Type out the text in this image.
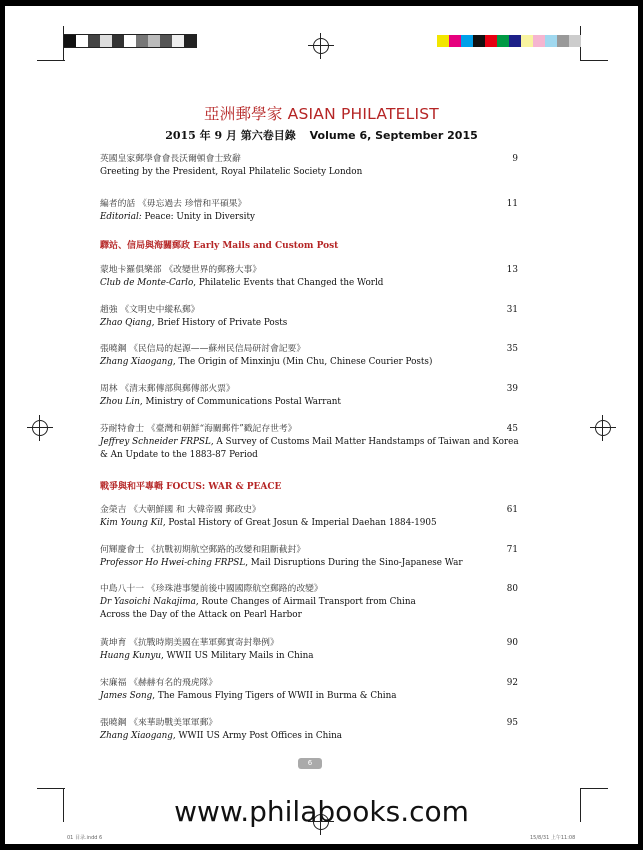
亞洲郵學家 ASIAN PHILATELIST
2015 年 9 月 第六卷目錄 Volume 6, September 2015
英國皇家郵學會會長沃爾頓會士致辭
Greeting by the President, Royal Philatelic Society London
9
編者的話 《毋忘過去 珍惜和平碩果》
Editorial: Peace: Unity in Diversity
11
驛站、信局與海關郵政 Early Mails and Custom Post
蒙地卡羅俱樂部 《改變世界的郵務大事》
Club de Monte-Carlo, Philatelic Events that Changed the World
13
趙強 《文明史中縱私郵》
Zhao Qiang, Brief History of Private Posts
31
張曉鋼 《民信局的起源——蘇州民信局研討會記要》
Zhang Xiaogang, The Origin of Minxinju (Min Chu, Chinese Courier Posts)
35
周林 《清末郵傳部與郵傳部火票》
Zhou Lin, Ministry of Communications Postal Warrant
39
芬耐特會士 《臺灣和朝鮮“海關郵件”戳記存世考》
Jeffrey Schneider FRPSL, A Survey of Customs Mail Matter Handstamps of Taiwan and Korea
& An Update to the 1883-87 Period
45
戰爭與和平專輯 FOCUS: WAR & PEACE
金榮吉 《大朝鮮國 和 大韓帝國 郵政史》
Kim Young Kil, Postal History of Great Josun & Imperial Daehan 1884-1905
61
何輝慶會士 《抗戰初期航空郵路的改變和阻斷截封》
Professor Ho Hwei-ching FRPSL, Mail Disruptions During the Sino-Japanese War
71
中島八十一 《珍珠港事變前後中國國際航空郵路的改變》
Dr Yasoichi Nakajima, Route Changes of Airmail Transport from China
Across the Day of the Attack on Pearl Harbor
80
黃坤育 《抗戰時期美國在華軍郵實寄封舉例》
Huang Kunyu, WWII US Military Mails in China
90
宋廉福 《赫赫有名的飛虎隊》
James Song, The Famous Flying Tigers of WWII in Burma & China
92
張曉鋼 《來華助戰美軍軍郵》
Zhang Xiaogang, WWII US Army Post Offices in China
95
6
www.philabooks.com
01 目录.indd 6	15/8/31 上午11:08
